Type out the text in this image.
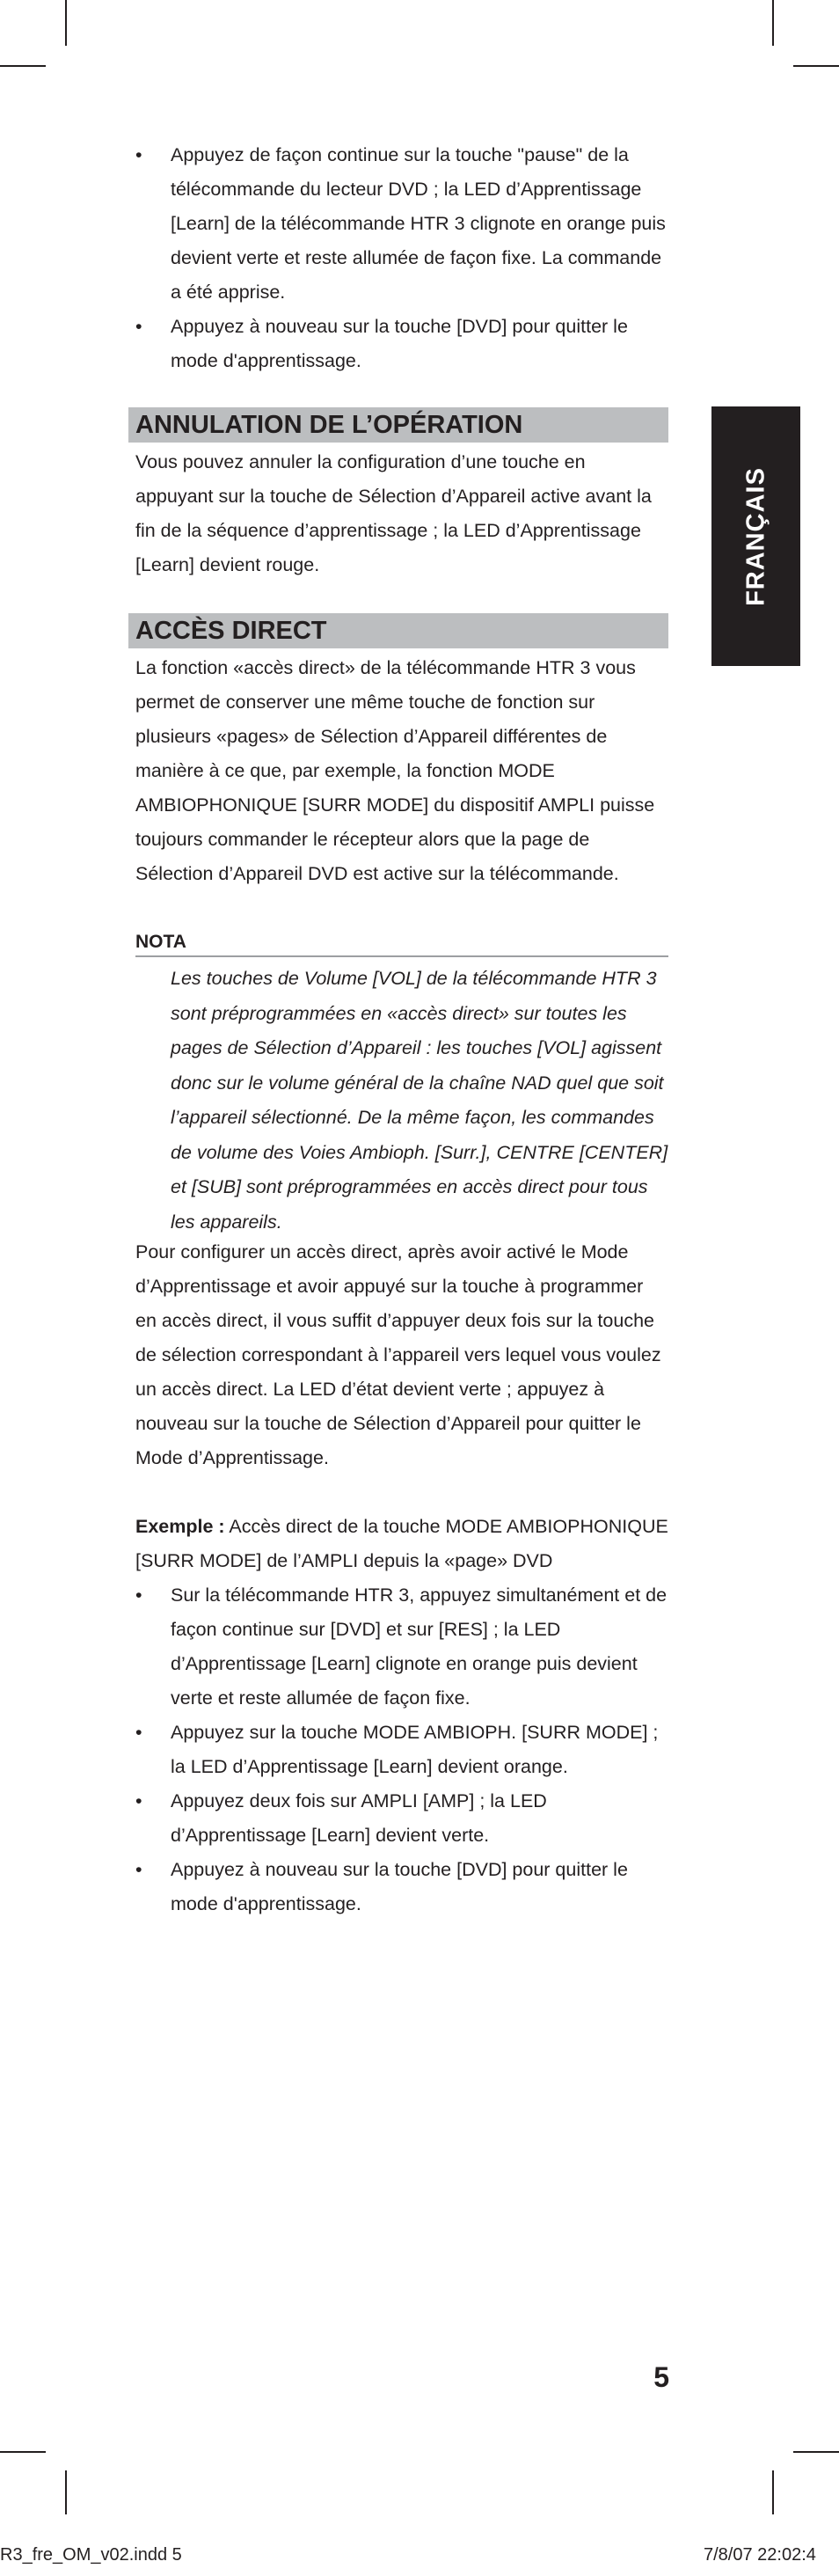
•	Appuyez de façon continue sur la touche "pause" de la télécommande du lecteur DVD ; la LED d’Apprentissage [Learn] de la télécommande HTR 3 clignote en orange puis devient verte et reste allumée de façon fixe. La commande a été apprise.
•	Appuyez à nouveau sur la touche [DVD] pour quitter le mode d'apprentissage.
ANNULATION DE L’OPÉRATION
Vous pouvez annuler la configuration d’une touche en appuyant sur la touche de Sélection d’Appareil active avant la fin de la séquence d’apprentissage ; la LED d’Apprentissage [Learn] devient rouge.
ACCÈS DIRECT
La fonction «accès direct» de la télécommande HTR 3 vous permet de conserver une même touche de fonction sur plusieurs «pages» de Sélection d’Appareil différentes de manière à ce que, par exemple, la fonction MODE AMBIOPHONIQUE [SURR MODE] du dispositif AMPLI puisse toujours commander le récepteur alors que la page de Sélection d’Appareil DVD est active sur la télécommande.
NOTA
Les touches de Volume [VOL] de la télécommande HTR 3 sont préprogrammées en «accès direct» sur toutes les pages de Sélection d’Appareil : les touches [VOL] agissent donc sur le volume général de la chaîne NAD quel que soit l’appareil sélectionné. De la même façon, les commandes de volume des Voies Ambioph. [Surr.], CENTRE [CENTER] et [SUB] sont préprogrammées en accès direct pour tous les appareils.
Pour configurer un accès direct, après avoir activé le Mode d’Apprentissage et avoir appuyé sur la touche à programmer en accès direct, il vous suffit d’appuyer deux fois sur la touche de sélection correspondant à l’appareil vers lequel vous voulez un accès direct. La LED d’état devient verte ; appuyez à nouveau sur la touche de Sélection d’Appareil pour quitter le Mode d’Apprentissage.
Exemple : Accès direct de la touche MODE AMBIOPHONIQUE [SURR MODE] de l’AMPLI depuis la «page» DVD
•	Sur la télécommande HTR 3, appuyez simultanément et de façon continue sur [DVD] et sur [RES] ; la LED d’Apprentissage [Learn] clignote en orange puis devient verte et reste allumée de façon fixe.
•	Appuyez sur la touche MODE AMBIOPH. [SURR MODE] ; la LED d’Apprentissage [Learn] devient orange.
•	Appuyez deux fois sur AMPLI [AMP] ; la LED d’Apprentissage [Learn] devient verte.
•	Appuyez à nouveau sur la touche [DVD] pour quitter le mode d'apprentissage.
FRANÇAIS
5
R3_fre_OM_v02.indd 5	7/8/07 22:02:4
